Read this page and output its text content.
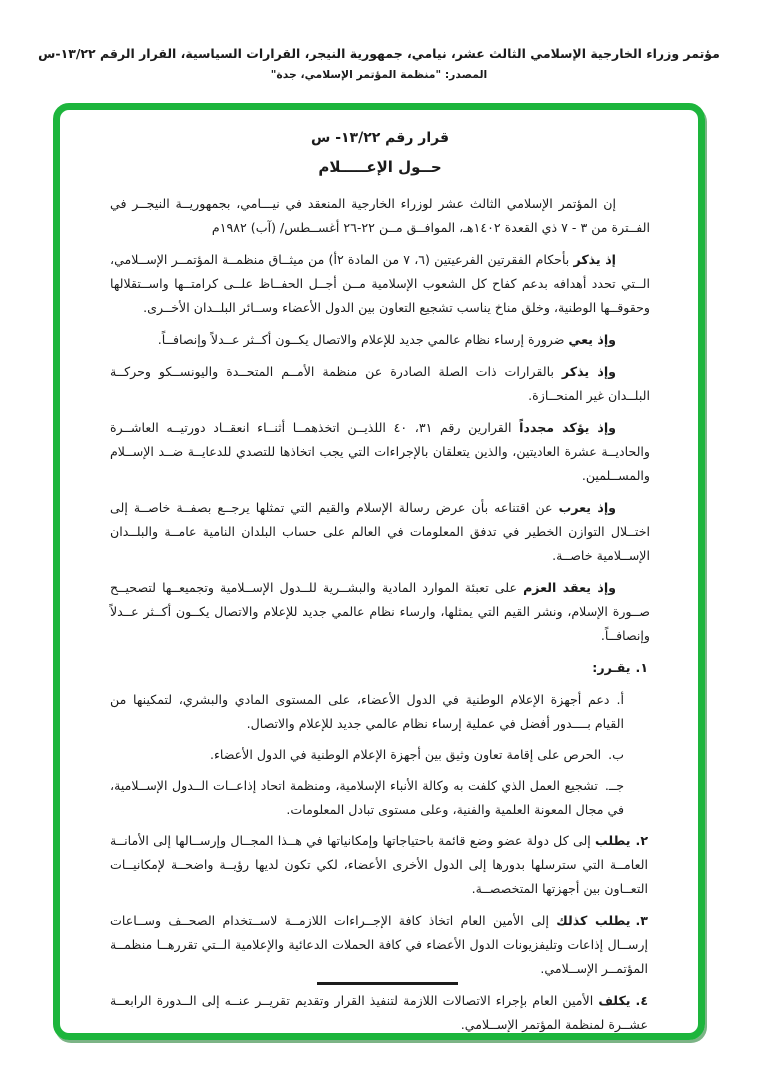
مؤتمر وزراء الخارجية الإسلامي الثالث عشر، نيامي، جمهورية النيجر، القرارات السياسية، القرار الرقم ١٣/٢٢-س
المصدر: "منظمة المؤتمر الإسلامي، جدة"
قرار رقم ١٣/٢٢- س
حــول الإعـــــلام

إن المؤتمر الإسلامي الثالث عشر لوزراء الخارجية المنعقد في نيـــامي، بجمهوريــة النيجــر في الفــترة من ٣ - ٧ ذي القعدة ١٤٠٢هـ، الموافــق مــن ٢٢-٢٦ أغســطس/ (آب) ١٩٨٢م

إذ يذكر بأحكام الفقرتين الفرعيتين (٦، ٧ من المادة ٢أ) من ميثــاق منظمــة المؤتمــر الإســلامي، الــتي تحدد أهدافه بدعم كفاح كل الشعوب الإسلامية مــن أجــل الحفــاظ علــى كرامتــها واســتقلالها وحقوقــها الوطنية، وخلق مناخ يناسب تشجيع التعاون بين الدول الأعضاء وســائر البلــدان الأخــرى.

وإذ يعي ضرورة إرساء نظام عالمي جديد للإعلام والاتصال يكــون أكــثر عــدلاً وإنصافــاً.

وإذ يذكر بالقرارات ذات الصلة الصادرة عن منظمة الأمــم المتحــدة واليونســكو وحركــة البلــدان غير المنحــازة.

وإذ يؤكد مجدداً القرارين رقم ٣١، ٤٠ اللذيــن اتخذهمــا أثنــاء انعقــاد دورتيــه العاشــرة والحاديــة عشرة العاديتين، والذين يتعلقان بالإجراءات التي يجب اتخاذها للتصدي للدعايــة ضــد الإســلام والمســلمين.

وإذ يعرب عن اقتناعه بأن عرض رسالة الإسلام والقيم التي تمثلها يرجــع بصفــة خاصــة إلى اختــلال التوازن الخطير في تدفق المعلومات في العالم على حساب البلدان النامية عامــة والبلــدان الإســلامية خاصــة.

وإذ يعقد العزم على تعبئة الموارد المادية والبشــرية للــدول الإســلامية وتجميعــها لتصحيــح صــورة الإسلام، ونشر القيم التي يمثلها، وارساء نظام عالمي جديد للإعلام والاتصال يكــون أكــثر عــدلاً وإنصافــاً.

١.يقـرر:
أ.دعم أجهزة الإعلام الوطنية في الدول الأعضاء، على المستوى المادي والبشري، لتمكينها من القيام بــــدور أفضل في عملية إرساء نظام عالمي جديد للإعلام والاتصال.
ب.الحرص على إقامة تعاون وثيق بين أجهزة الإعلام الوطنية في الدول الأعضاء.
جــ.تشجيع العمل الذي كلفت به وكالة الأنباء الإسلامية، ومنظمة اتحاد إذاعــات الــدول الإســلامية، في مجال المعونة العلمية والفنية، وعلى مستوى تبادل المعلومات.
٢.يطلب إلى كل دولة عضو وضع قائمة باحتياجاتها وإمكانياتها في هــذا المجــال وإرســالها إلى الأمانــة العامــة التي سترسلها بدورها إلى الدول الأخرى الأعضاء، لكي تكون لديها رؤيــة واضحــة لإمكانيــات التعــاون بين أجهزتها المتخصصــة.
٣.يطلب كذلك إلى الأمين العام اتخاذ كافة الإجــراءات اللازمــة لاســتخدام الصحــف وســاعات إرســال إذاعات وتليفزيونات الدول الأعضاء في كافة الحملات الدعائية والإعلامية الــتي تقررهــا منظمــة المؤتمــر الإســلامي.
٤.يكلف الأمين العام بإجراء الاتصالات اللازمة لتنفيذ القرار وتقديم تقريــر عنــه إلى الــدورة الرابعــة عشــرة لمنظمة المؤتمر الإســلامي.
